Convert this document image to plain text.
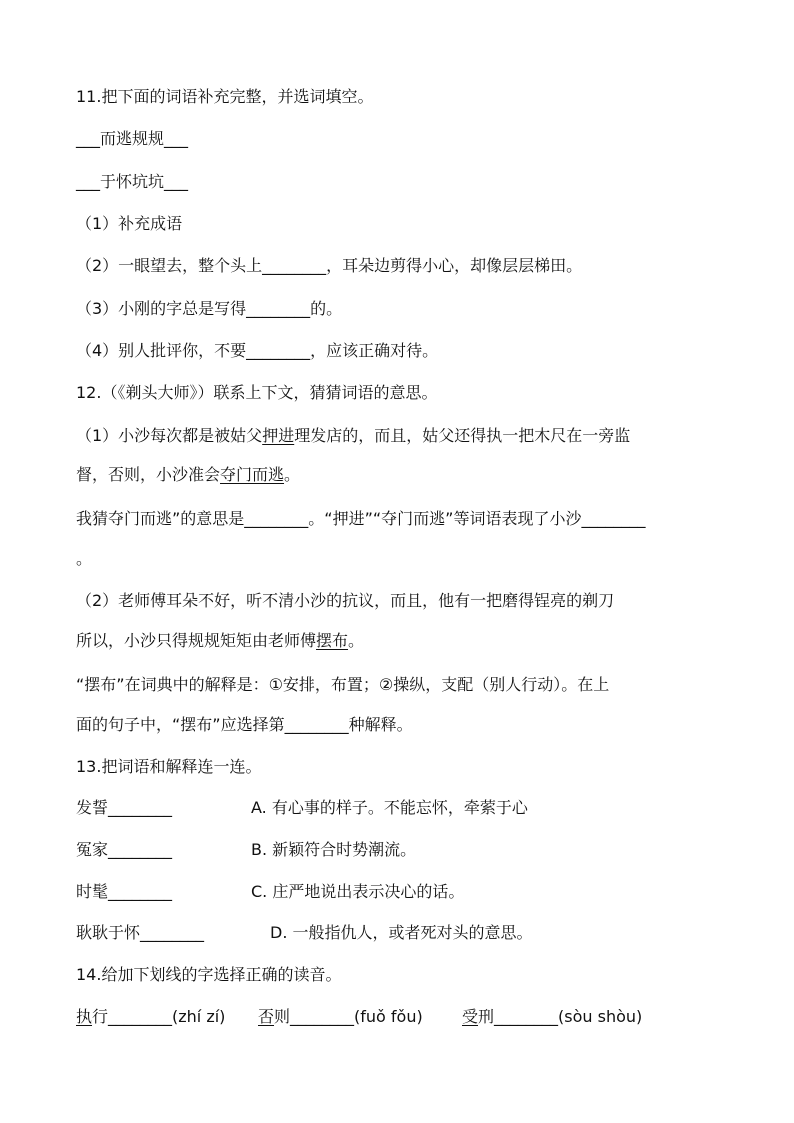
11.把下面的词语补充完整，并选词填空。
___而逃规规___
___于怀坑坑___
（1）补充成语
（2）一眼望去，整个头上________，耳朵边剪得小心，却像层层梯田。
（3）小刚的字总是写得________的。
（4）别人批评你，不要________，应该正确对待。
12.（《剃头大师》）联系上下文，猜猜词语的意思。
（1）小沙每次都是被姑父押进理发店的，而且，姑父还得执一把木尺在一旁监
督，否则，小沙准会夺门而逃。
我猜夺门而逃”的意思是________。“押进”“夺门而逃”等词语表现了小沙________
。
（2）老师傅耳朵不好，听不清小沙的抗议，而且，他有一把磨得锃亮的剃刀
所以，小沙只得规规矩矩由老师傅摆布。
“摆布”在词典中的解释是：①安排，布置；②操纵，支配（别人行动）。在上
面的句子中，“摆布”应选择第________种解释。
13.把词语和解释连一连。
发誓________	A. 有心事的样子。不能忘怀，牵萦于心
冤家________	B. 新颖符合时势潮流。
时髦________	C. 庄严地说出表示决心的话。
耿耿于怀________	D. 一般指仇人，或者死对头的意思。
14.给加下划线的字选择正确的读音。
执行________(zhí zí) 否则________(fuǒ fǒu) 受刑________(sòu shòu)
